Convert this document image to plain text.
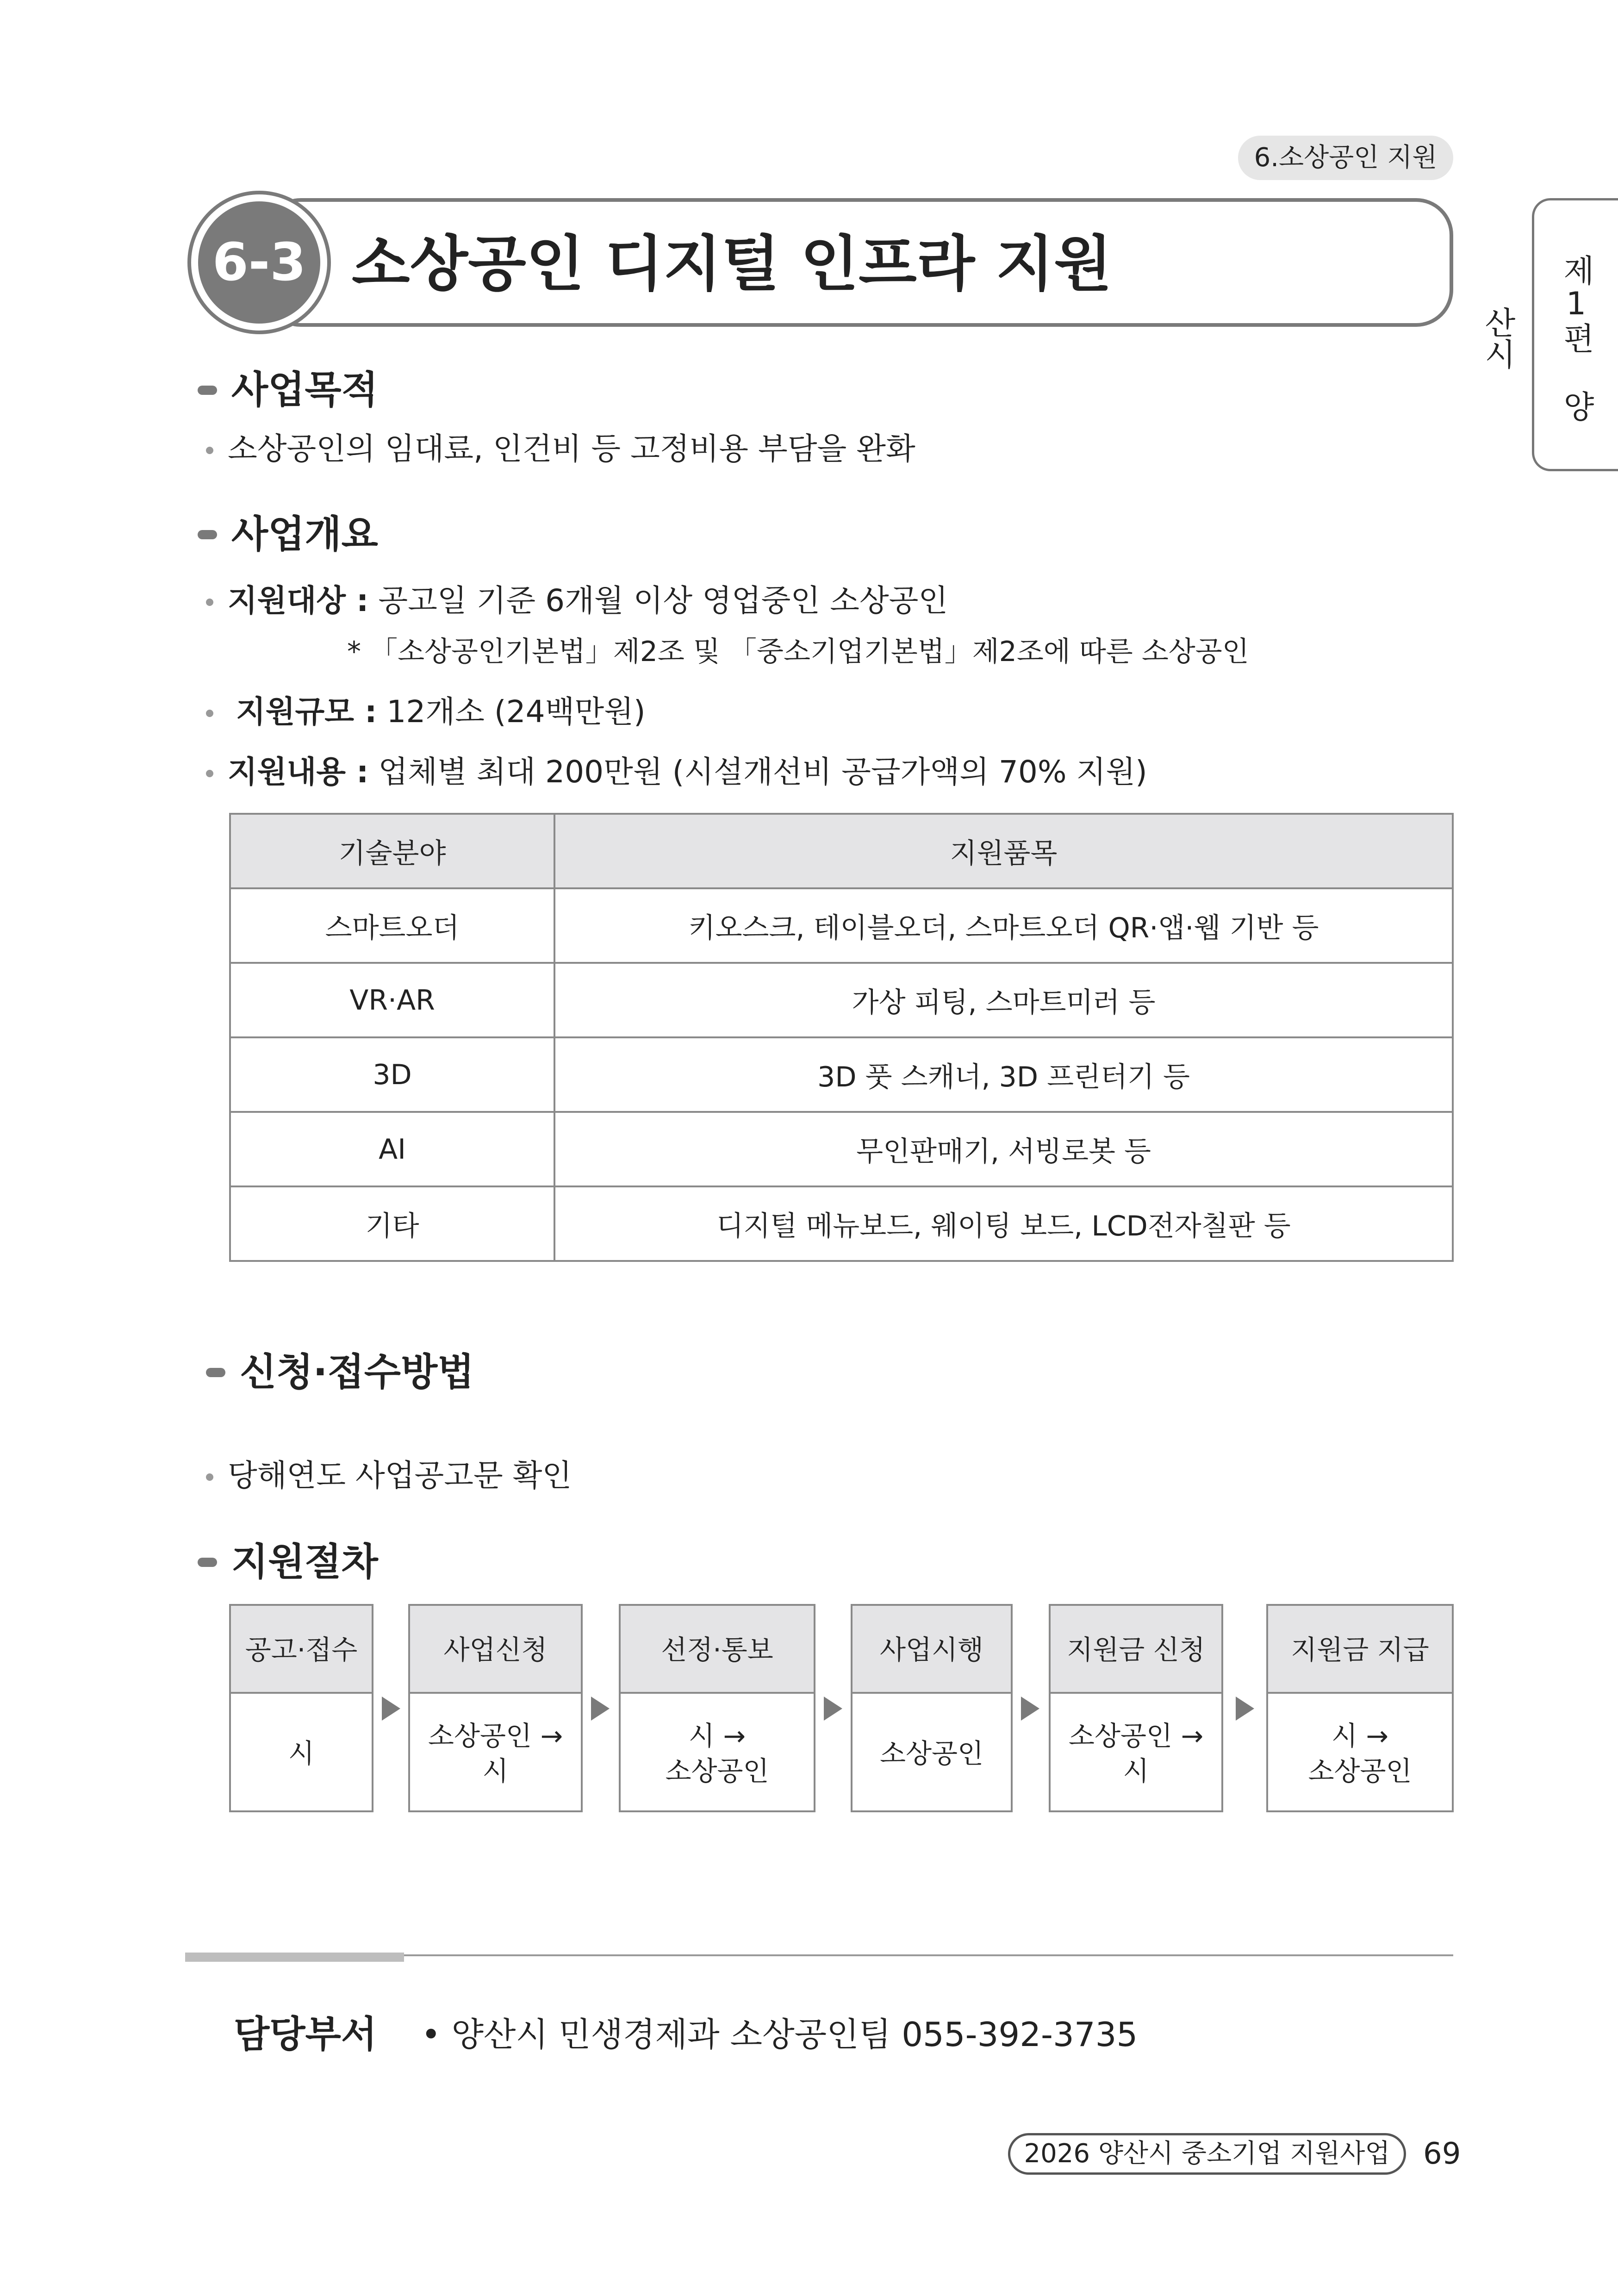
6.소상공인 지원
6-3 소상공인 디지털 인프라 지원	제1편 양산시
사업목적
소상공인의 임대료, 인건비 등 고정비용 부담을 완화
사업개요
지원대상 : 공고일 기준 6개월 이상 영업중인 소상공인
* 「소상공인기본법」제2조 및 「중소기업기본법」제2조에 따른 소상공인
지원규모 : 12개소 (24백만원)
지원내용 : 업체별 최대 200만원 (시설개선비 공급가액의 70% 지원)
기술분야	지원품목
스마트오더	키오스크, 테이블오더, 스마트오더 QR·앱·웹 기반 등
VR·AR	가상 피팅, 스마트미러 등
3D	3D 풋 스캐너, 3D 프린터기 등
AI	무인판매기, 서빙로봇 등
기타	디지털 메뉴보드, 웨이팅 보드, LCD전자칠판 등
신청·접수방법
당해연도 사업공고문 확인
지원절차
공고·접수
시
사업신청
소상공인 →
시
선정·통보
시 →
소상공인
사업시행
소상공인
지원금 신청
소상공인 →
시
지원금 지급
시 →
소상공인
담당부서 • 양산시 민생경제과 소상공인팀 055-392-3735
2026 양산시 중소기업 지원사업	69
